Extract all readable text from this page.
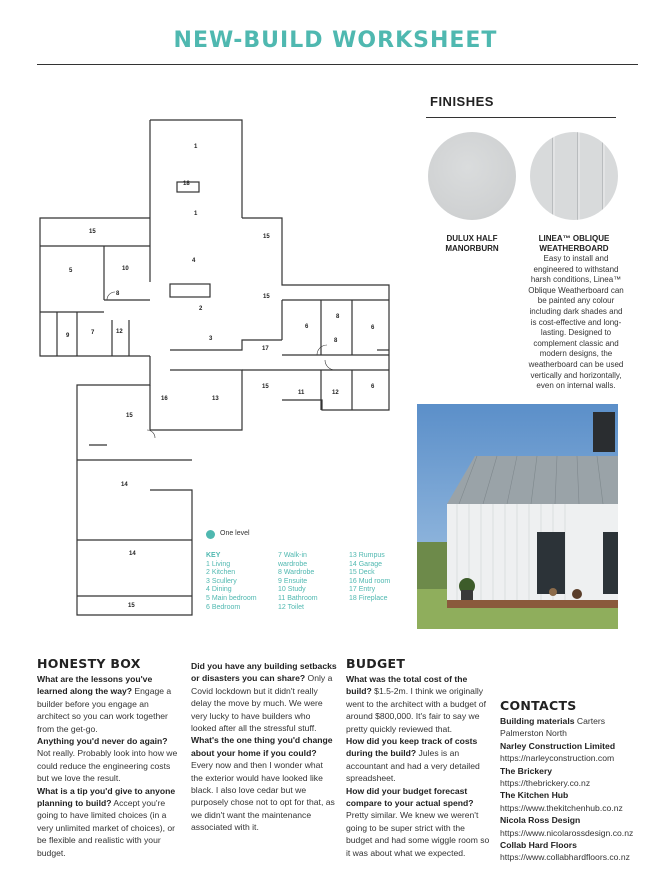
NEW-BUILD WORKSHEET
1
18
1
4
2
3
5	10
15
8
9	7	12
15
15
6
8
6
8
17
15
11	12
6
16	13
15
14
14
15
One level
KEY
1 Living
2 Kitchen
3 Scullery
4 Dining
5 Main bedroom
6 Bedroom
7 Walk-in
wardrobe
8 Wardrobe
9 Ensuite
10 Study
11 Bathroom
12 Toilet
13 Rumpus
14 Garage
15 Deck
16 Mud room
17 Entry
18 Fireplace
FINISHES
DULUX HALF MANORBURN
LINEA™ OBLIQUE WEATHERBOARD
Easy to install and engineered to withstand harsh conditions, Linea™ Oblique Weatherboard can be painted any colour including dark shades and is cost-effective and long-lasting. Designed to complement classic and modern designs, the weatherboard can be used vertically and horizontally, even on internal walls.
HONESTY BOX

What are the lessons you've learned along the way? Engage a builder before you engage an architect so you can work together from the get-go.

Anything you'd never do again? Not really. Probably look into how we could reduce the engineering costs but we love the result.

What is a tip you'd give to anyone planning to build? Accept you're going to have limited choices (in a very unlimited market of choices), or be flexible and realistic with your budget.

Did you have any building setbacks or disasters you can share? Only a Covid lockdown but it didn't really delay the move by much. We were very lucky to have builders who looked after all the stressful stuff.

What's the one thing you'd change about your home if you could? Every now and then I wonder what the exterior would have looked like black. I also love cedar but we purposely chose not to opt for that, as we didn't want the maintenance associated with it.

BUDGET

What was the total cost of the build? $1.5-2m. I think we originally went to the architect with a budget of around $800,000. It's fair to say we pretty quickly reviewed that.

How did you keep track of costs during the build? Jules is an accountant and had a very detailed spreadsheet.

How did your budget forecast compare to your actual spend? Pretty similar. We knew we weren't going to be super strict with the budget and had some wiggle room so it was about what we expected.

CONTACTS

Building materials Carters Palmerston North

Narley Construction Limited https://narleyconstruction.com

The Brickery https://thebrickery.co.nz

The Kitchen Hub https://www.thekitchenhub.co.nz

Nicola Ross Design https://www.nicolarossdesign.co.nz

Collab Hard Floors https://www.collabhardfloors.co.nz
